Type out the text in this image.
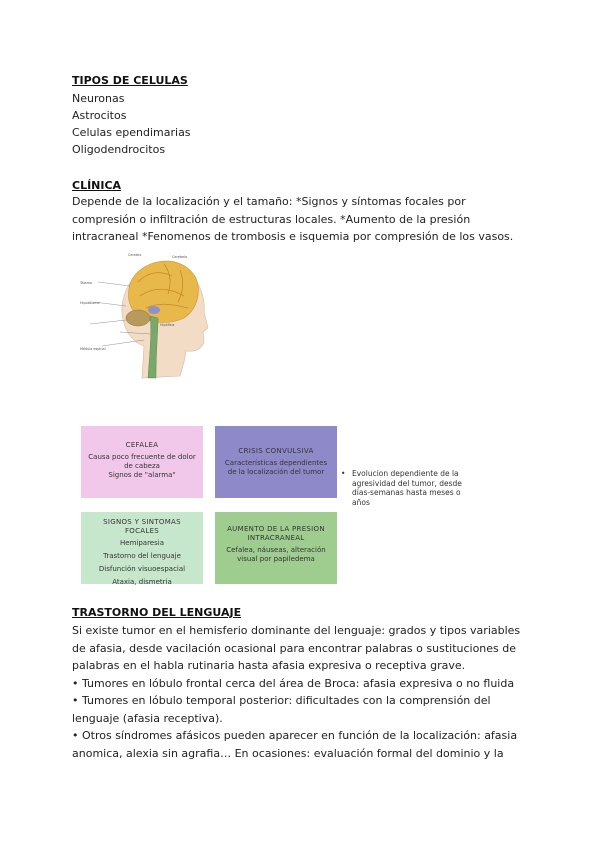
TIPOS DE CELULAS
Neuronas
Astrocitos
Celulas ependimarias
Oligodendrocitos
CLÍNICA
Depende de la localización y el tamaño: *Signos y síntomas focales por compresión o infiltración de estructuras locales. *Aumento de la presión intracraneal *Fenomenos de trombosis e isquemia por compresión de los vasos.
Cerebro	Cerebelo
Médula espinal
Tálamo
Hipotálamo
Hipófisis
CEFALEA
Causa poco frecuente de dolor de cabeza
Signos de "alarma"
CRISIS CONVULSIVA
Características dependientes de la localización del tumor
SIGNOS Y SINTOMAS FOCALES
Hemiparesia
Trastorno del lenguaje
Disfunción visuoespacial
Ataxia, dismetria
AUMENTO DE LA PRESION INTRACRANEAL
Cefalea, náuseas, alteración visual por papiledema
• Evolucion dependiente de la agresividad del tumor, desde días-semanas hasta meses o años
TRASTORNO DEL LENGUAJE

Si existe tumor en el hemisferio dominante del lenguaje: grados y tipos variables de afasia, desde vacilación ocasional para encontrar palabras o sustituciones de palabras en el habla rutinaria hasta afasia expresiva o receptiva grave.

• Tumores en lóbulo frontal cerca del área de Broca: afasia expresiva o no fluida

• Tumores en lóbulo temporal posterior: dificultades con la comprensión del lenguaje (afasia receptiva).

• Otros síndromes afásicos pueden aparecer en función de la localización: afasia anomica, alexia sin agrafia… En ocasiones: evaluación formal del dominio y la
